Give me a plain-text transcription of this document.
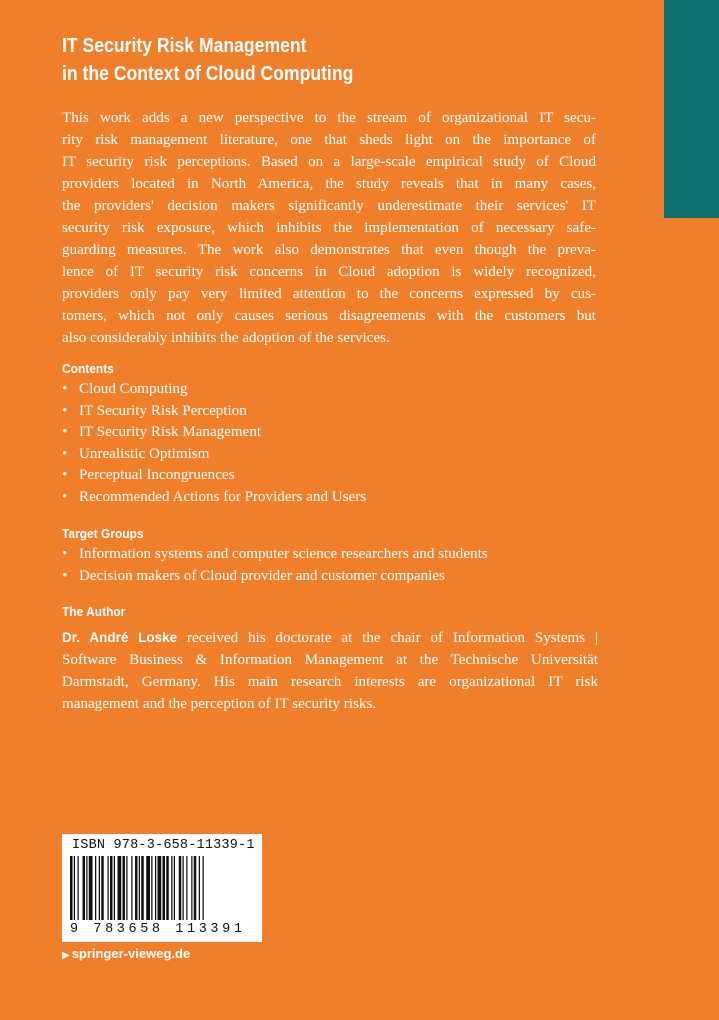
IT Security Risk Management
in the Context of Cloud Computing
This work adds a new perspective to the stream of organizational IT secu-
rity risk management literature, one that sheds light on the importance of
IT security risk perceptions. Based on a large-scale empirical study of Cloud
providers located in North America, the study reveals that in many cases,
the providers' decision makers significantly underestimate their services' IT
security risk exposure, which inhibits the implementation of necessary safe-
guarding measures. The work also demonstrates that even though the preva-
lence of IT security risk concerns in Cloud adoption is widely recognized,
providers only pay very limited attention to the concerns expressed by cus-
tomers, which not only causes serious disagreements with the customers but
also considerably inhibits the adoption of the services.
Contents
• Cloud Computing
• IT Security Risk Perception
• IT Security Risk Management
• Unrealistic Optimism
• Perceptual Incongruences
• Recommended Actions for Providers and Users
Target Groups
• Information systems and computer science researchers and students
• Decision makers of Cloud provider and customer companies
The Author
Dr. André Loske received his doctorate at the chair of Information Systems |
Software Business & Information Management at the Technische Universität
Darmstadt, Germany. His main research interests are organizational IT risk
management and the perception of IT security risks.
ISBN 978-3-658-11339-1
9 783658 113391
▶ springer-vieweg.de
